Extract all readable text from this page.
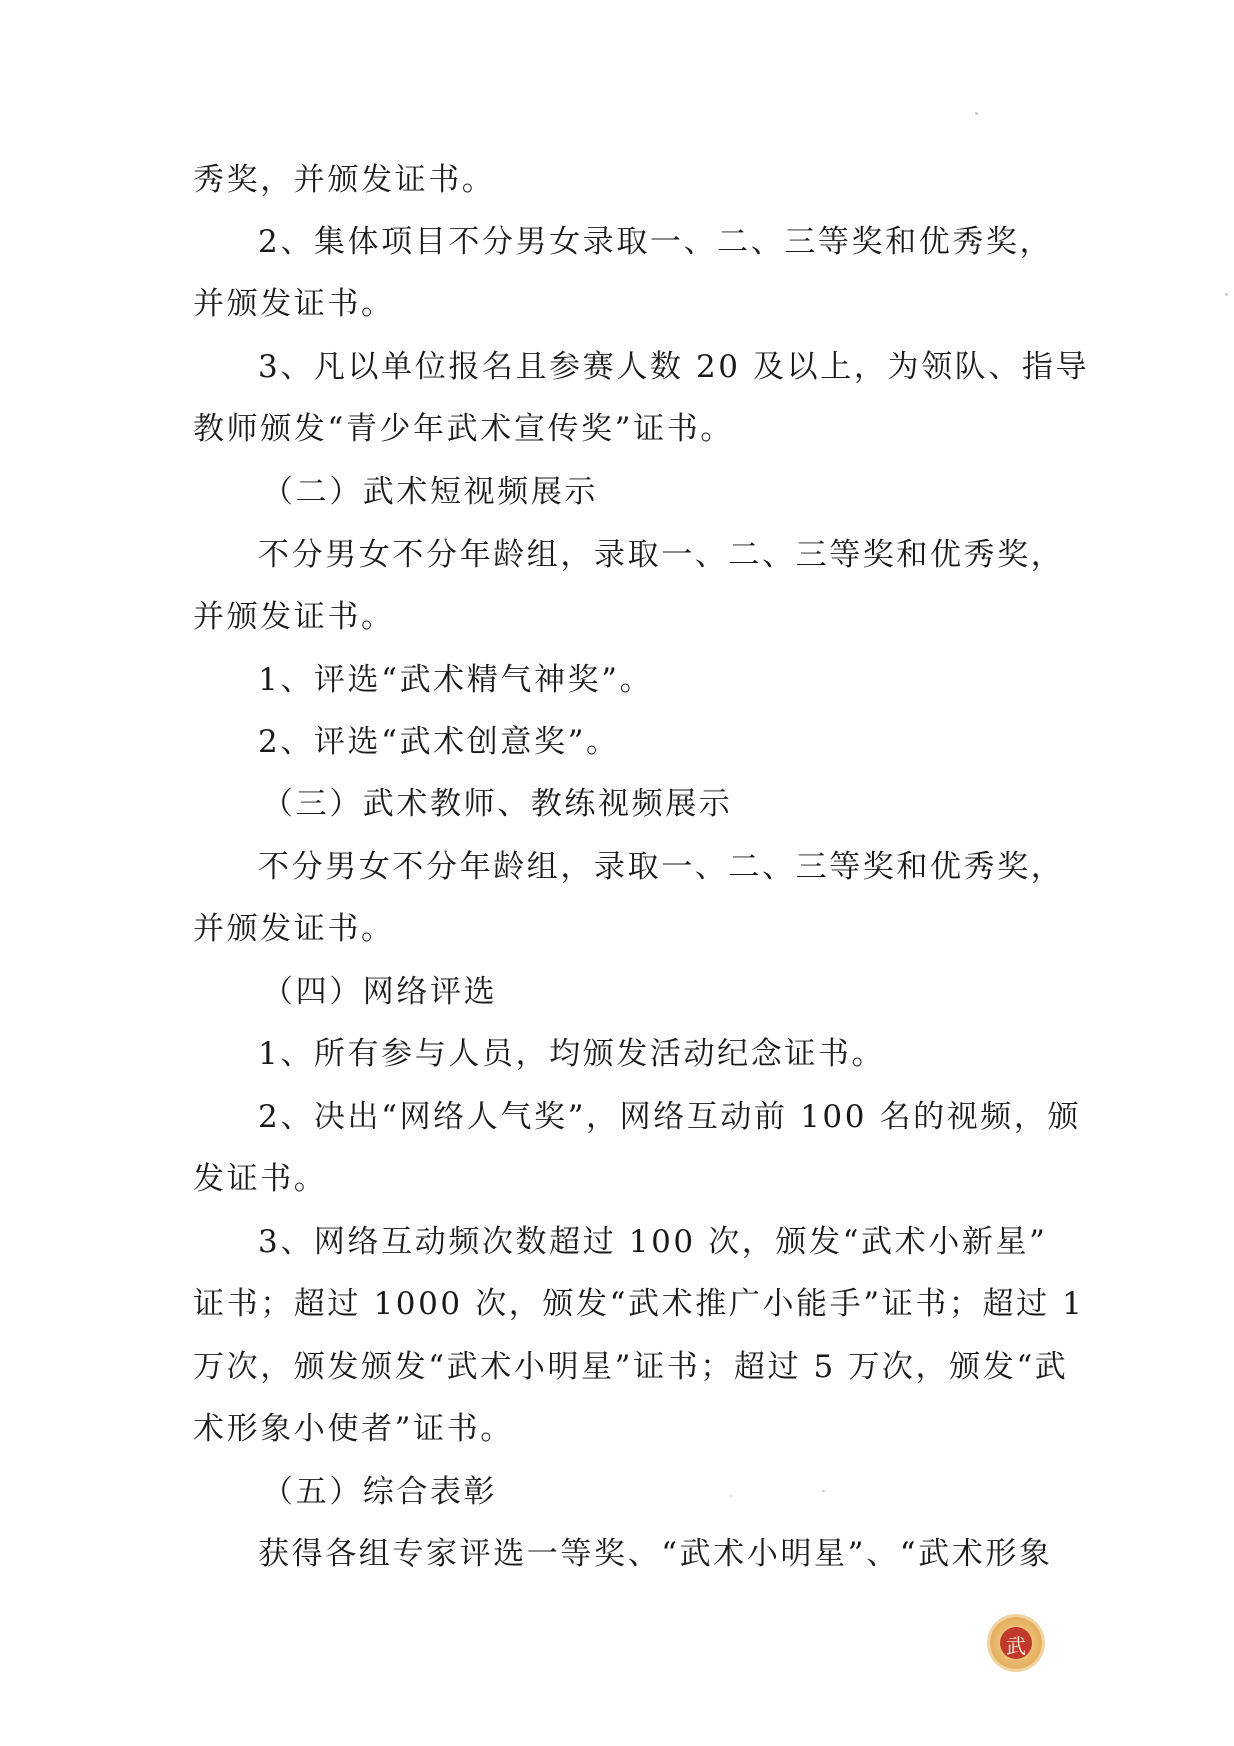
秀奖，并颁发证书。
2、集体项目不分男女录取一、二、三等奖和优秀奖，
并颁发证书。
3、凡以单位报名且参赛人数 20 及以上，为领队、指导
教师颁发“青少年武术宣传奖”证书。
（二）武术短视频展示
不分男女不分年龄组，录取一、二、三等奖和优秀奖，
并颁发证书。
1、评选“武术精气神奖”。
2、评选“武术创意奖”。
（三）武术教师、教练视频展示
不分男女不分年龄组，录取一、二、三等奖和优秀奖，
并颁发证书。
（四）网络评选
1、所有参与人员，均颁发活动纪念证书。
2、决出“网络人气奖”，网络互动前 100 名的视频，颁
发证书。
3、网络互动频次数超过 100 次，颁发“武术小新星”
证书；超过 1000 次，颁发“武术推广小能手”证书；超过 1
万次，颁发颁发“武术小明星”证书；超过 5 万次，颁发“武
术形象小使者”证书。
（五）综合表彰
获得各组专家评选一等奖、“武术小明星”、“武术形象
武
